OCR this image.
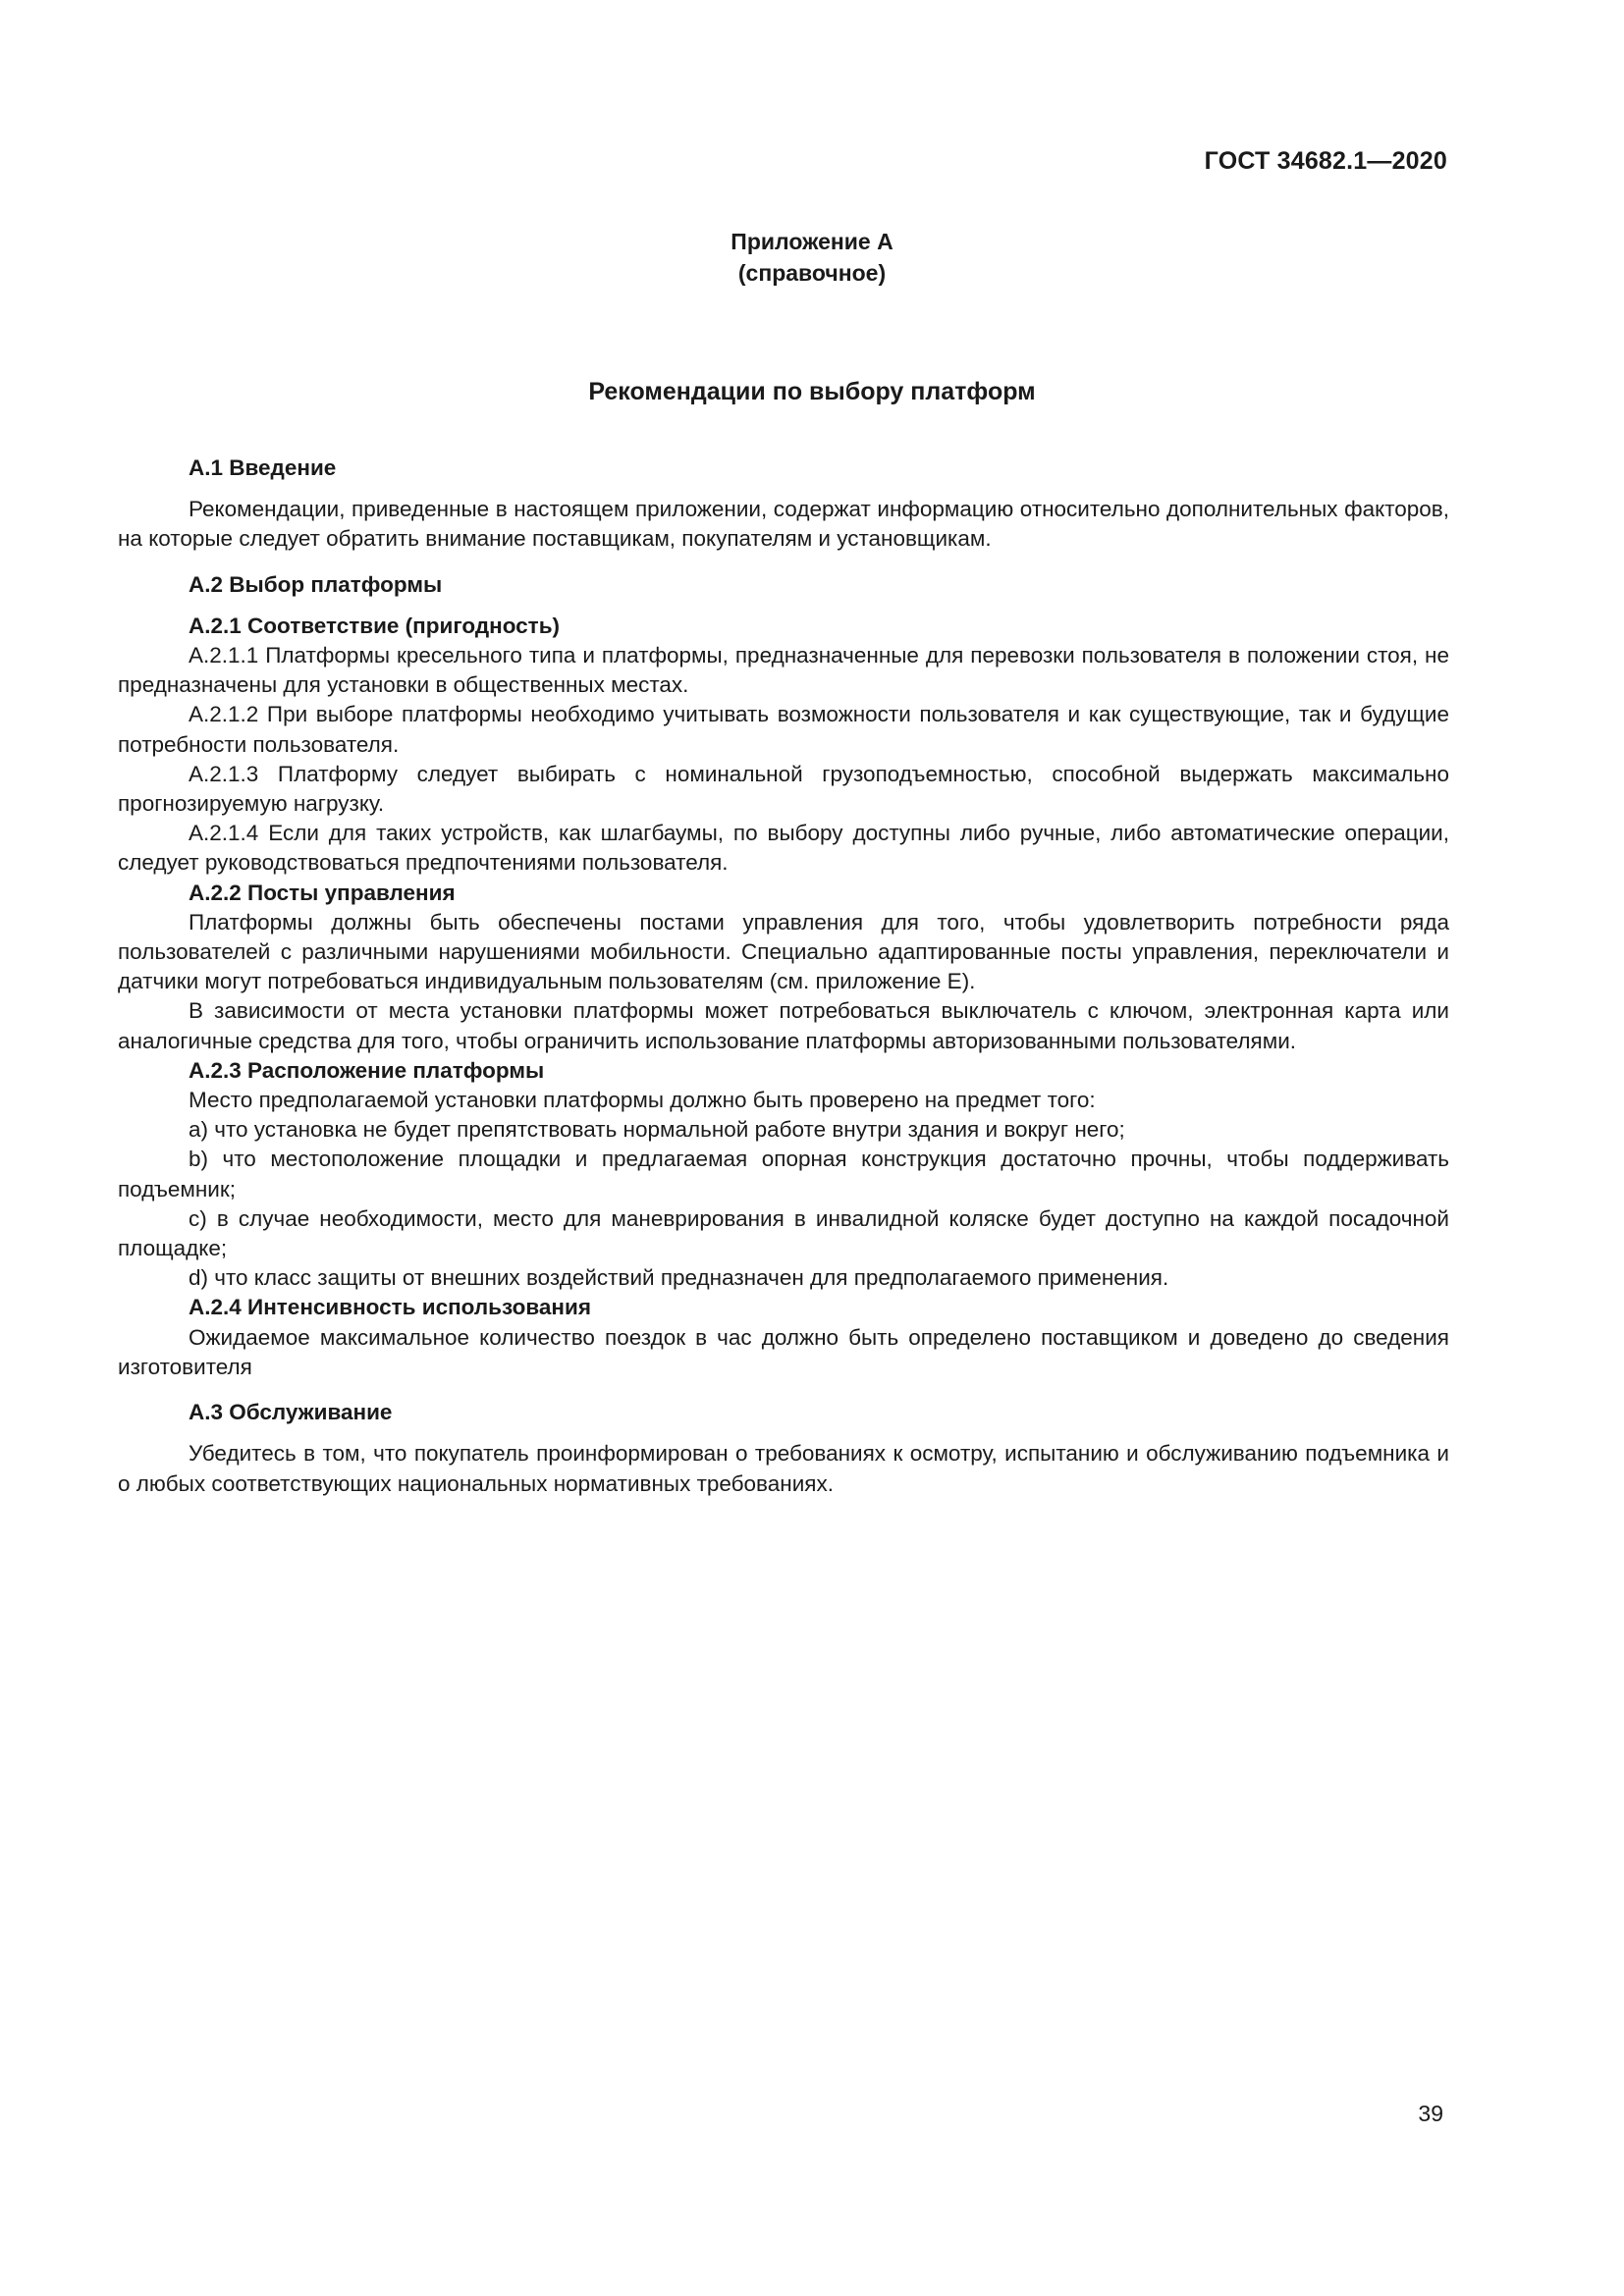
ГОСТ 34682.1—2020
Приложение А
(справочное)
Рекомендации по выбору платформ
А.1 Введение

Рекомендации, приведенные в настоящем приложении, содержат информацию относительно дополнительных факторов, на которые следует обратить внимание поставщикам, покупателям и установщикам.

А.2 Выбор платформы
А.2.1 Соответствие (пригодность)

А.2.1.1 Платформы кресельного типа и платформы, предназначенные для перевозки пользователя в положении стоя, не предназначены для установки в общественных местах.

А.2.1.2 При выборе платформы необходимо учитывать возможности пользователя и как существующие, так и будущие потребности пользователя.

А.2.1.3 Платформу следует выбирать с номинальной грузоподъемностью, способной выдержать максимально прогнозируемую нагрузку.

А.2.1.4 Если для таких устройств, как шлагбаумы, по выбору доступны либо ручные, либо автоматические операции, следует руководствоваться предпочтениями пользователя.

А.2.2 Посты управления

Платформы должны быть обеспечены постами управления для того, чтобы удовлетворить потребности ряда пользователей с различными нарушениями мобильности. Специально адаптированные посты управления, переключатели и датчики могут потребоваться индивидуальным пользователям (см. приложение Е).

В зависимости от места установки платформы может потребоваться выключатель с ключом, электронная карта или аналогичные средства для того, чтобы ограничить использование платформы авторизованными пользователями.

А.2.3 Расположение платформы

Место предполагаемой установки платформы должно быть проверено на предмет того:

a) что установка не будет препятствовать нормальной работе внутри здания и вокруг него;

b) что местоположение площадки и предлагаемая опорная конструкция достаточно прочны, чтобы поддерживать подъемник;

c) в случае необходимости, место для маневрирования в инвалидной коляске будет доступно на каждой посадочной площадке;

d) что класс защиты от внешних воздействий предназначен для предполагаемого применения.

А.2.4 Интенсивность использования

Ожидаемое максимальное количество поездок в час должно быть определено поставщиком и доведено до сведения изготовителя

А.3 Обслуживание

Убедитесь в том, что покупатель проинформирован о требованиях к осмотру, испытанию и обслуживанию подъемника и о любых соответствующих национальных нормативных требованиях.

39
